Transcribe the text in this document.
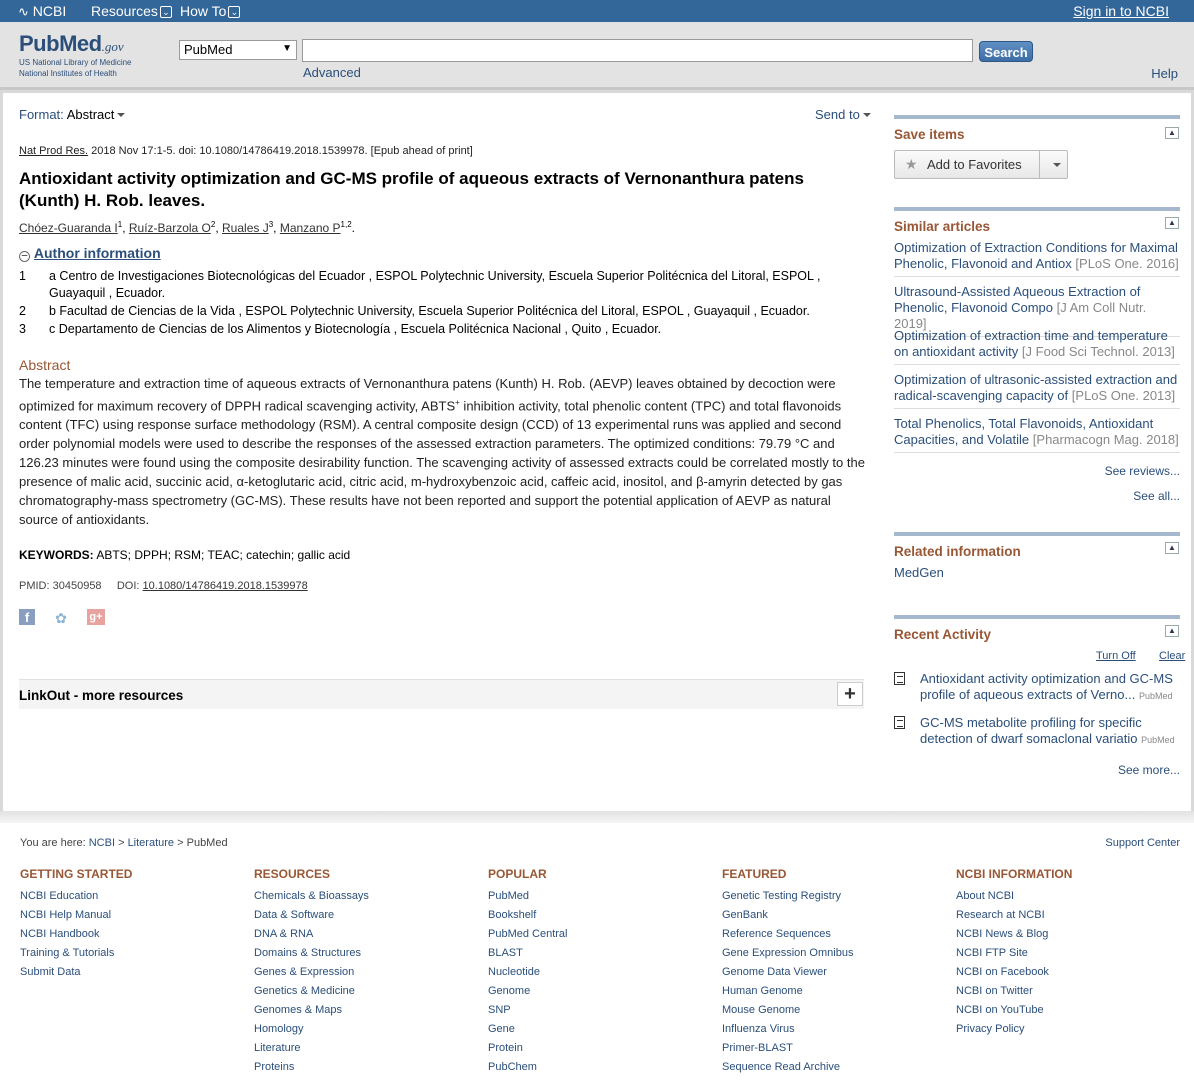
∿ NCBI Resources ⌄ How To ⌄	Sign in to NCBI
PubMed.gov
US National Library of Medicine
National Institutes of Health
PubMed	▼	Search
Advanced	Help
Format: Abstract	Send to
Nat Prod Res. 2018 Nov 17:1-5. doi: 10.1080/14786419.2018.1539978. [Epub ahead of print]
Antioxidant activity optimization and GC-MS profile of aqueous extracts of Vernonanthura patens (Kunth) H. Rob. leaves.
Chóez-Guaranda $I^1$, Ruíz-Barzola $O^2$, Ruales $J^3$, Manzano P$^{1,2}$.
– Author information
1 a Centro de Investigaciones Biotecnológicas del Ecuador , ESPOL Polytechnic University, Escuela Superior Politécnica del Litoral, ESPOL , Guayaquil , Ecuador.
2 b Facultad de Ciencias de la Vida , ESPOL Polytechnic University, Escuela Superior Politécnica del Litoral, ESPOL , Guayaquil , Ecuador.
3 c Departamento de Ciencias de los Alimentos y Biotecnología , Escuela Politécnica Nacional , Quito , Ecuador.
Abstract
The temperature and extraction time of aqueous extracts of Vernonanthura patens (Kunth) H. Rob. (AEVP) leaves obtained by decoction were optimized for maximum recovery of DPPH radical scavenging activity, ABTS+ inhibition activity, total phenolic content (TPC) and total flavonoids content (TFC) using response surface methodology (RSM). A central composite design (CCD) of 13 experimental runs was applied and second order polynomial models were used to describe the responses of the assessed extraction parameters. The optimized conditions: 79.79 °C and 126.23 minutes were found using the composite desirability function. The scavenging activity of assessed extracts could be correlated mostly to the presence of malic acid, succinic acid, α-ketoglutaric acid, citric acid, m-hydroxybenzoic acid, caffeic acid, inositol, and β-amyrin detected by gas chromatography-mass spectrometry (GC-MS). These results have not been reported and support the potential application of AEVP as natural source of antioxidants.
KEYWORDS: ABTS; DPPH; RSM; TEAC; catechin; gallic acid
PMID: 30450958 DOI: 10.1080/14786419.2018.1539978
f	✿ g+
LinkOut - more resources	+
Save items	▲
★ Add to Favorites
Similar articles	▲
Optimization of Extraction Conditions for Maximal Phenolic, Flavonoid and Antiox [PLoS One. 2016]
Ultrasound-Assisted Aqueous Extraction of Phenolic, Flavonoid Compo [J Am Coll Nutr. 2019]
Optimization of extraction time and temperature on antioxidant activity [J Food Sci Technol. 2013]
Optimization of ultrasonic-assisted extraction and radical-scavenging capacity of [PLoS One. 2013]
Total Phenolics, Total Flavonoids, Antioxidant Capacities, and Volatile [Pharmacogn Mag. 2018]
See reviews...
See all...
Related information	▲
MedGen
Recent Activity	▲
Turn Off Clear
Antioxidant activity optimization and GC-MS profile of aqueous extracts of Verno... PubMed
GC-MS metabolite profiling for specific detection of dwarf somaclonal variatio PubMed
See more...
You are here: NCBI > Literature > PubMed	Support Center
GETTING STARTED
NCBI Education
NCBI Help Manual
NCBI Handbook
Training & Tutorials
Submit Data
RESOURCES
Chemicals & Bioassays
Data & Software
DNA & RNA
Domains & Structures
Genes & Expression
Genetics & Medicine
Genomes & Maps
Homology
Literature
Proteins
POPULAR
PubMed
Bookshelf
PubMed Central
BLAST
Nucleotide
Genome
SNP
Gene
Protein
PubChem
FEATURED
Genetic Testing Registry
GenBank
Reference Sequences
Gene Expression Omnibus
Genome Data Viewer
Human Genome
Mouse Genome
Influenza Virus
Primer-BLAST
Sequence Read Archive
NCBI INFORMATION
About NCBI
Research at NCBI
NCBI News & Blog
NCBI FTP Site
NCBI on Facebook
NCBI on Twitter
NCBI on YouTube
Privacy Policy
